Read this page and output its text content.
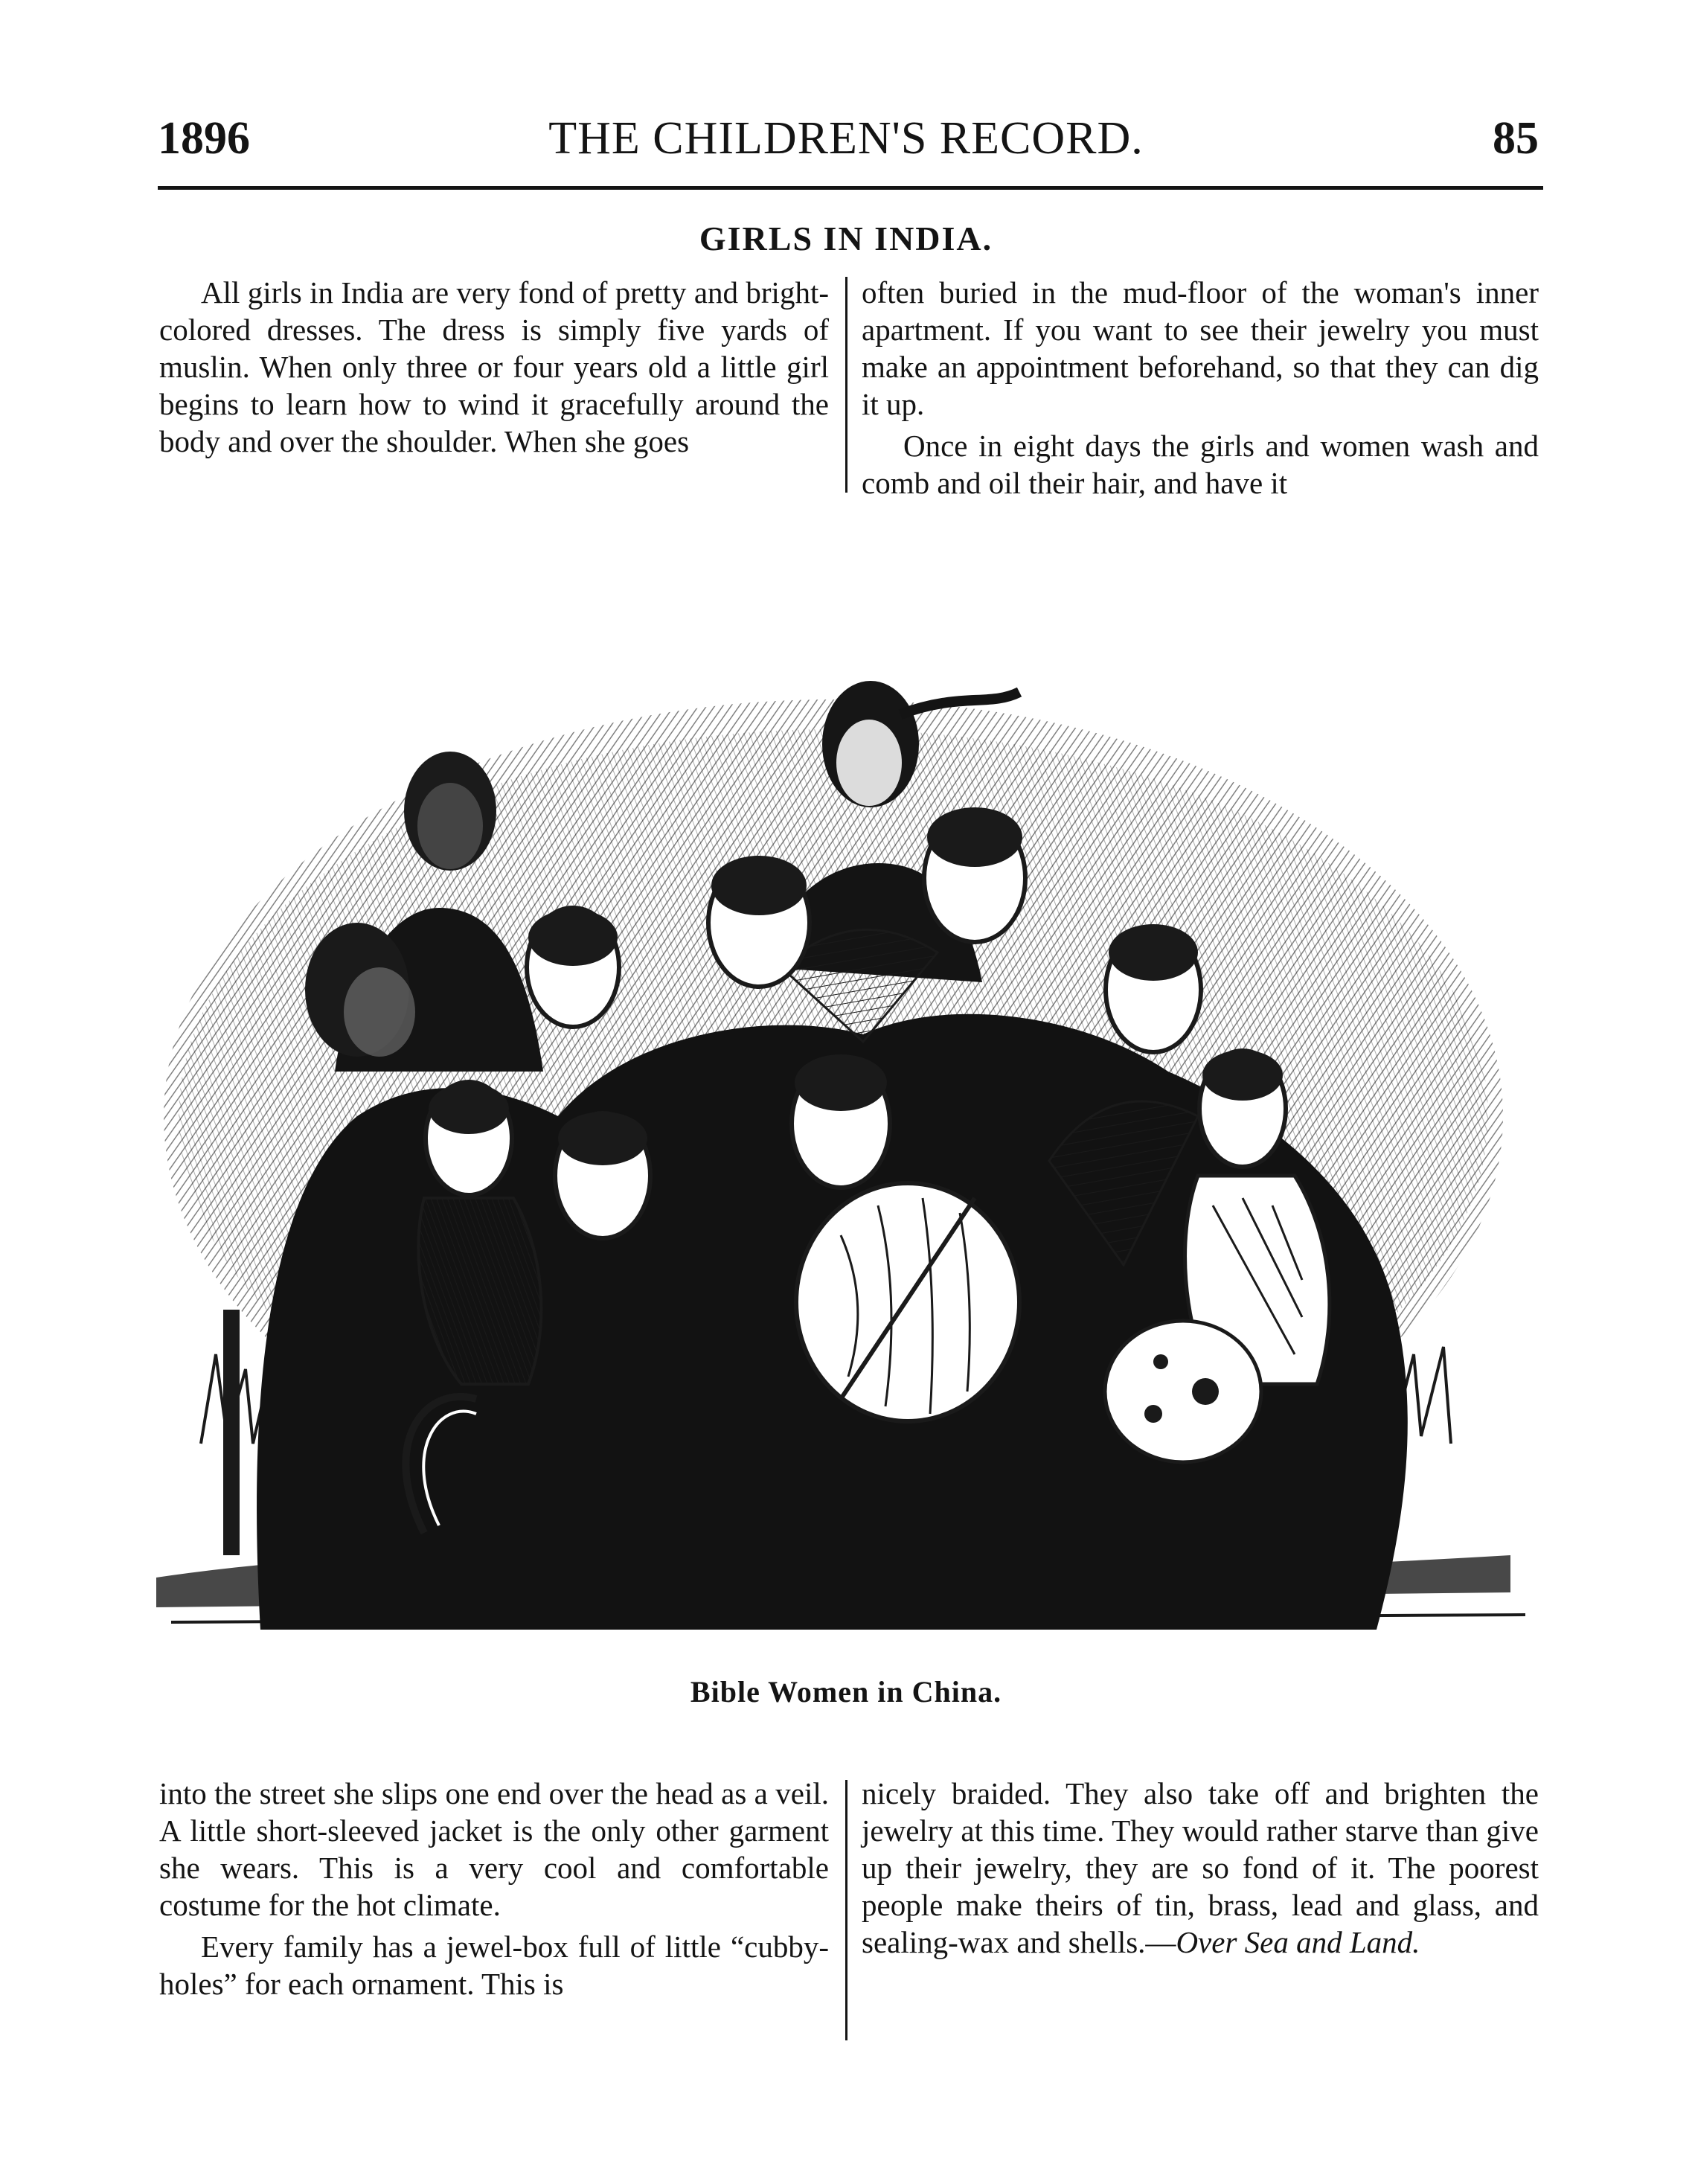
1896	THE CHILDREN'S RECORD.	85
GIRLS IN INDIA.

All girls in India are very fond of pretty and bright-colored dresses. The dress is simply five yards of muslin. When only three or four years old a little girl begins to learn how to wind it gracefully around the body and over the shoulder. When she goes

often buried in the mud-floor of the woman's inner apartment. If you want to see their jewelry you must make an appointment beforehand, so that they can dig it up.

Once in eight days the girls and women wash and comb and oil their hair, and have it

Bible Women in China.

into the street she slips one end over the head as a veil. A little short-sleeved jacket is the only other garment she wears. This is a very cool and comfortable costume for the hot climate.

Every family has a jewel-box full of little “cubby-holes” for each ornament. This is

nicely braided. They also take off and brighten the jewelry at this time. They would rather starve than give up their jewelry, they are so fond of it. The poorest people make theirs of tin, brass, lead and glass, and sealing-wax and shells.—Over Sea and Land.
